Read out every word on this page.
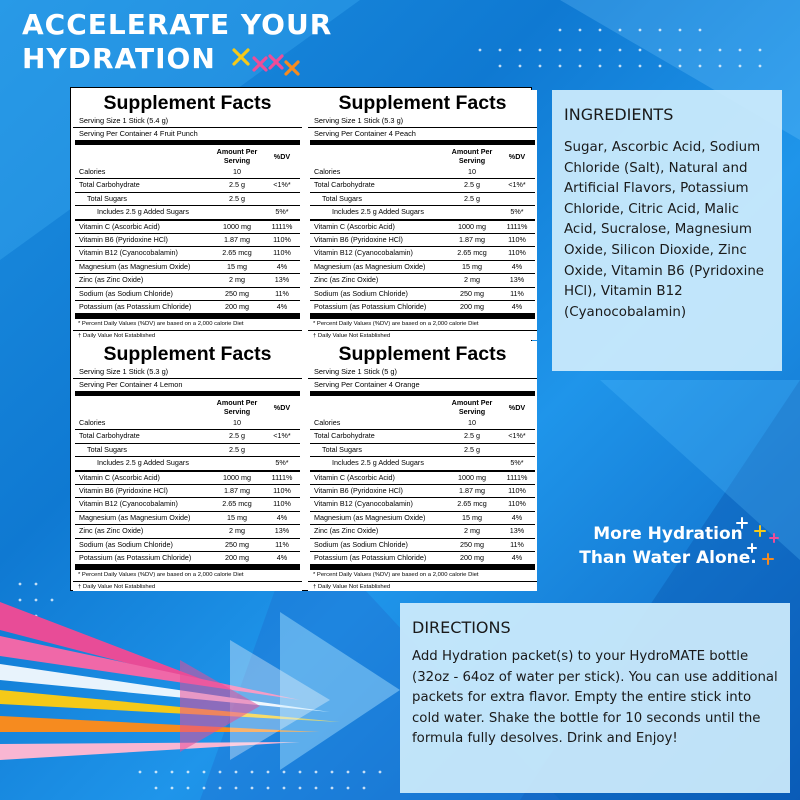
ACCELERATE YOUR
HYDRATION
Supplement Facts
Serving Size 1 Stick (5.4 g)
Serving Per Container 4 Fruit Punch
	Amount Per Serving	%DV
Calories	10	
Total Carbohydrate	2.5 g	<1%*
Total Sugars	2.5 g	
Includes 2.5 g Added Sugars		5%*
Vitamin C (Ascorbic Acid)	1000 mg	1111%
Vitamin B6 (Pyridoxine HCl)	1.87 mg	110%
Vitamin B12 (Cyanocobalamin)	2.65 mcg	110%
Magnesium (as Magnesium Oxide)	15 mg	4%
Zinc (as Zinc Oxide)	2 mg	13%
Sodium (as Sodium Chloride)	250 mg	11%
Potassium (as Potassium Chloride)	200 mg	4%
* Percent Daily Values (%DV) are based on a 2,000 calorie Diet
† Daily Value Not Established
Supplement Facts
Serving Size 1 Stick (5.3 g)
Serving Per Container 4 Peach
	Amount Per Serving	%DV
Calories	10	
Total Carbohydrate	2.5 g	<1%*
Total Sugars	2.5 g	
Includes 2.5 g Added Sugars		5%*
Vitamin C (Ascorbic Acid)	1000 mg	1111%
Vitamin B6 (Pyridoxine HCl)	1.87 mg	110%
Vitamin B12 (Cyanocobalamin)	2.65 mcg	110%
Magnesium (as Magnesium Oxide)	15 mg	4%
Zinc (as Zinc Oxide)	2 mg	13%
Sodium (as Sodium Chloride)	250 mg	11%
Potassium (as Potassium Chloride)	200 mg	4%
* Percent Daily Values (%DV) are based on a 2,000 calorie Diet
† Daily Value Not Established
Supplement Facts
Serving Size 1 Stick (5.3 g)
Serving Per Container 4 Lemon
	Amount Per Serving	%DV
Calories	10	
Total Carbohydrate	2.5 g	<1%*
Total Sugars	2.5 g	
Includes 2.5 g Added Sugars		5%*
Vitamin C (Ascorbic Acid)	1000 mg	1111%
Vitamin B6 (Pyridoxine HCl)	1.87 mg	110%
Vitamin B12 (Cyanocobalamin)	2.65 mcg	110%
Magnesium (as Magnesium Oxide)	15 mg	4%
Zinc (as Zinc Oxide)	2 mg	13%
Sodium (as Sodium Chloride)	250 mg	11%
Potassium (as Potassium Chloride)	200 mg	4%
* Percent Daily Values (%DV) are based on a 2,000 calorie Diet
† Daily Value Not Established
Supplement Facts
Serving Size 1 Stick (5 g)
Serving Per Container 4 Orange
	Amount Per Serving	%DV
Calories	10	
Total Carbohydrate	2.5 g	<1%*
Total Sugars	2.5 g	
Includes 2.5 g Added Sugars		5%*
Vitamin C (Ascorbic Acid)	1000 mg	1111%
Vitamin B6 (Pyridoxine HCl)	1.87 mg	110%
Vitamin B12 (Cyanocobalamin)	2.65 mcg	110%
Magnesium (as Magnesium Oxide)	15 mg	4%
Zinc (as Zinc Oxide)	2 mg	13%
Sodium (as Sodium Chloride)	250 mg	11%
Potassium (as Potassium Chloride)	200 mg	4%
* Percent Daily Values (%DV) are based on a 2,000 calorie Diet
† Daily Value Not Established
INGREDIENTS
Sugar, Ascorbic Acid, Sodium Chloride (Salt), Natural and Artificial Flavors, Potassium Chloride, Citric Acid, Malic Acid, Sucralose, Magnesium Oxide, Silicon Dioxide, Zinc Oxide, Vitamin B6 (Pyridoxine HCl), Vitamin B12 (Cyanocobalamin)
More Hydration
Than Water Alone.
DIRECTIONS
Add Hydration packet(s) to your HydroMATE bottle (32oz - 64oz of water per stick). You can use additional packets for extra flavor. Empty the entire stick into cold water. Shake the bottle for 10 seconds until the formula fully desolves. Drink and Enjoy!
